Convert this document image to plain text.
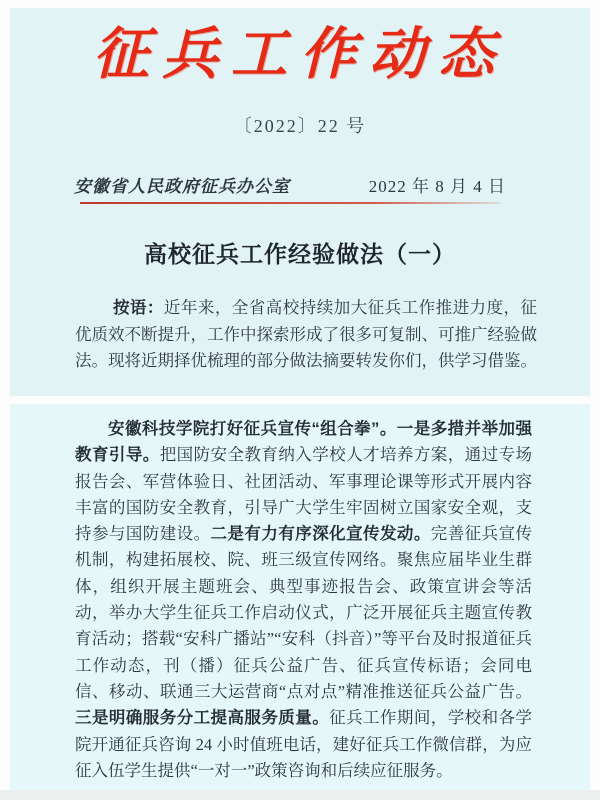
征兵工作动态
〔2022〕22 号
安徽省人民政府征兵办公室	2022 年 8 月 4 日
高校征兵工作经验做法（一）

按语：近年来，全省高校持续加大征兵工作推进力度，征优质效不断提升，工作中探索形成了很多可复制、可推广经验做法。现将近期择优梳理的部分做法摘要转发你们，供学习借鉴。

安徽科技学院打好征兵宣传“组合拳”。一是多措并举加强教育引导。把国防安全教育纳入学校人才培养方案，通过专场报告会、军营体验日、社团活动、军事理论课等形式开展内容丰富的国防安全教育，引导广大学生牢固树立国家安全观，支持参与国防建设。二是有力有序深化宣传发动。完善征兵宣传机制，构建拓展校、院、班三级宣传网络。聚焦应届毕业生群体，组织开展主题班会、典型事迹报告会、政策宣讲会等活动，举办大学生征兵工作启动仪式，广泛开展征兵主题宣传教育活动；搭载“安科广播站”“安科（抖音）”等平台及时报道征兵工作动态，刊（播）征兵公益广告、征兵宣传标语；会同电信、移动、联通三大运营商“点对点”精准推送征兵公益广告。三是明确服务分工提高服务质量。征兵工作期间，学校和各学院开通征兵咨询 24 小时值班电话，建好征兵工作微信群，为应征入伍学生提供“一对一”政策咨询和后续应征服务。
